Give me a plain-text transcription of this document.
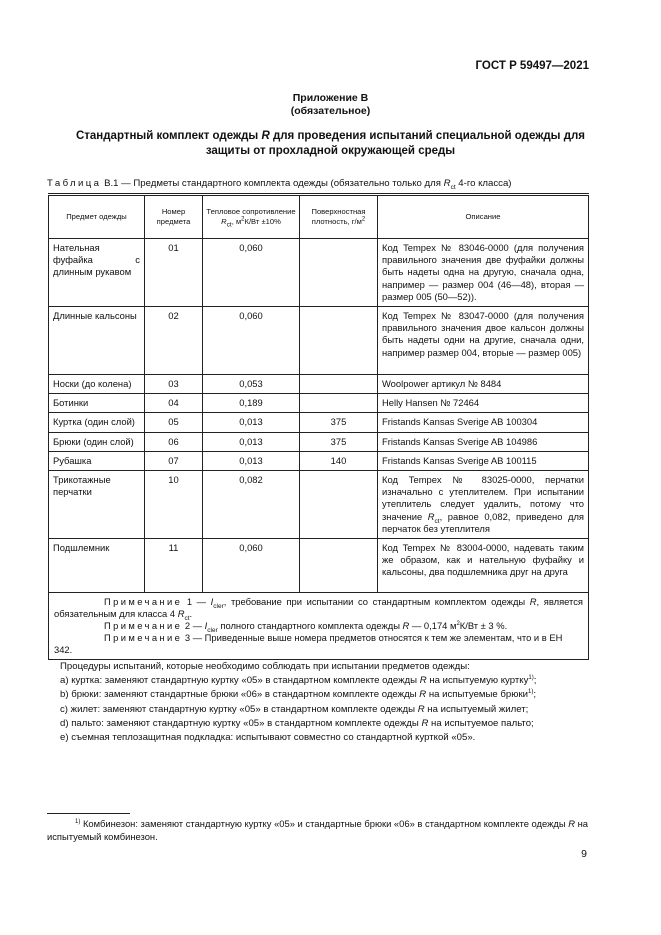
ГОСТ Р 59497—2021
Приложение В
(обязательное)
Стандартный комплект одежды R для проведения испытаний специальной одежды для
защиты от прохладной окружающей среды
Таблица В.1 — Предметы стандартного комплекта одежды (обязательно только для $R_{ct}$ 4-го класса)
Предмет одежды	Номер предмета	Тепловое сопротивление Rct, $м^2К/Вт \pm 10\%$	Поверхностная плотность, $г/м^2$	Описание
Нательная фуфайка с длинным рукавом	01	0,060		Код Tempex № 83046-0000 (для получения правильного значения две фуфайки должны быть надеты одна на другую, сначала одна, например — размер 004 (46—48), вторая — размер 005 (50—52)).
Длинные кальсоны	02	0,060		Код Tempex № 83047-0000 (для получения правильного значения двое кальсон должны быть надеты одни на другие, сначала одни, например размер 004, вторые — размер 005)
Носки (до колена)	03	0,053		Woolpower артикул № 8484
Ботинки	04	0,189		Helly Hansen № 72464
Куртка (один слой)	05	0,013	375	Fristands Kansas Sverige AB 100304
Брюки (один слой)	06	0,013	375	Fristands Kansas Sverige AB 104986
Рубашка	07	0,013	140	Fristands Kansas Sverige AB 100115
Трикотажные перчатки	10	0,082		Код Tempex № 83025-0000, перчатки изначально с утеплителем. При испытании утеплитель следует удалить, потому что значение $R_{ct}$, равное 0,082, приведено для перчаток без утеплителя
Подшлемник	11	0,060		Код Tempex № 83004-0000, надевать таким же образом, как и нательную фуфайку и кальсоны, два подшлемника друг на друга

Примечание 1 — $I_{cler}$, требование при испытании со стандартным комплектом одежды R, является обязательным для класса 4 $R_{ct}$.
Примечание 2 — $I_{cler}$ полного стандартного комплекта одежды R — 0,174 $м^2К/Вт \pm 3$ %.
Примечание 3 — Приведенные выше номера предметов относятся к тем же элементам, что и в ЕН 342.				

Процедуры испытаний, которые необходимо соблюдать при испытании предметов одежды:

а) куртка: заменяют стандартную куртку «05» в стандартном комплекте одежды R на испытуемую куртку$^{1)}$;

b) брюки: заменяют стандартные брюки «06» в стандартном комплекте одежды R на испытуемые брюки$^{1)}$;

c) жилет: заменяют стандартную куртку «05» в стандартном комплекте одежды R на испытуемый жилет;

d) пальто: заменяют стандартную куртку «05» в стандартном комплекте одежды R на испытуемое пальто;

е) съемная теплозащитная подкладка: испытывают совместно со стандартной курткой «05».

$^{1)}$ Комбинезон: заменяют стандартную куртку «05» и стандартные брюки «06» в стандартном комплекте одежды R на испытуемый комбинезон.
9
